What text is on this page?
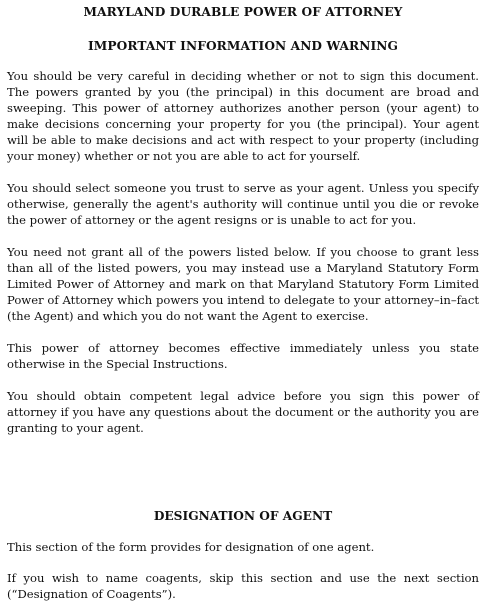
MARYLAND DURABLE POWER OF ATTORNEY
IMPORTANT INFORMATION AND WARNING

You should be very careful in deciding whether or not to sign this document. The powers granted by you (the principal) in this document are broad and sweeping. This power of attorney authorizes another person (your agent) to make decisions concerning your property for you (the principal). Your agent will be able to make decisions and act with respect to your property (including your money) whether or not you are able to act for yourself.

You should select someone you trust to serve as your agent. Unless you specify otherwise, generally the agent's authority will continue until you die or revoke the power of attorney or the agent resigns or is unable to act for you.

You need not grant all of the powers listed below. If you choose to grant less than all of the listed powers, you may instead use a Maryland Statutory Form Limited Power of Attorney and mark on that Maryland Statutory Form Limited Power of Attorney which powers you intend to delegate to your attorney–in–fact (the Agent) and which you do not want the Agent to exercise.

This power of attorney becomes effective immediately unless you state otherwise in the Special Instructions.

You should obtain competent legal advice before you sign this power of attorney if you have any questions about the document or the authority you are granting to your agent.

DESIGNATION OF AGENT

This section of the form provides for designation of one agent.

If you wish to name coagents, skip this section and use the next section (“Designation of Coagents”).
